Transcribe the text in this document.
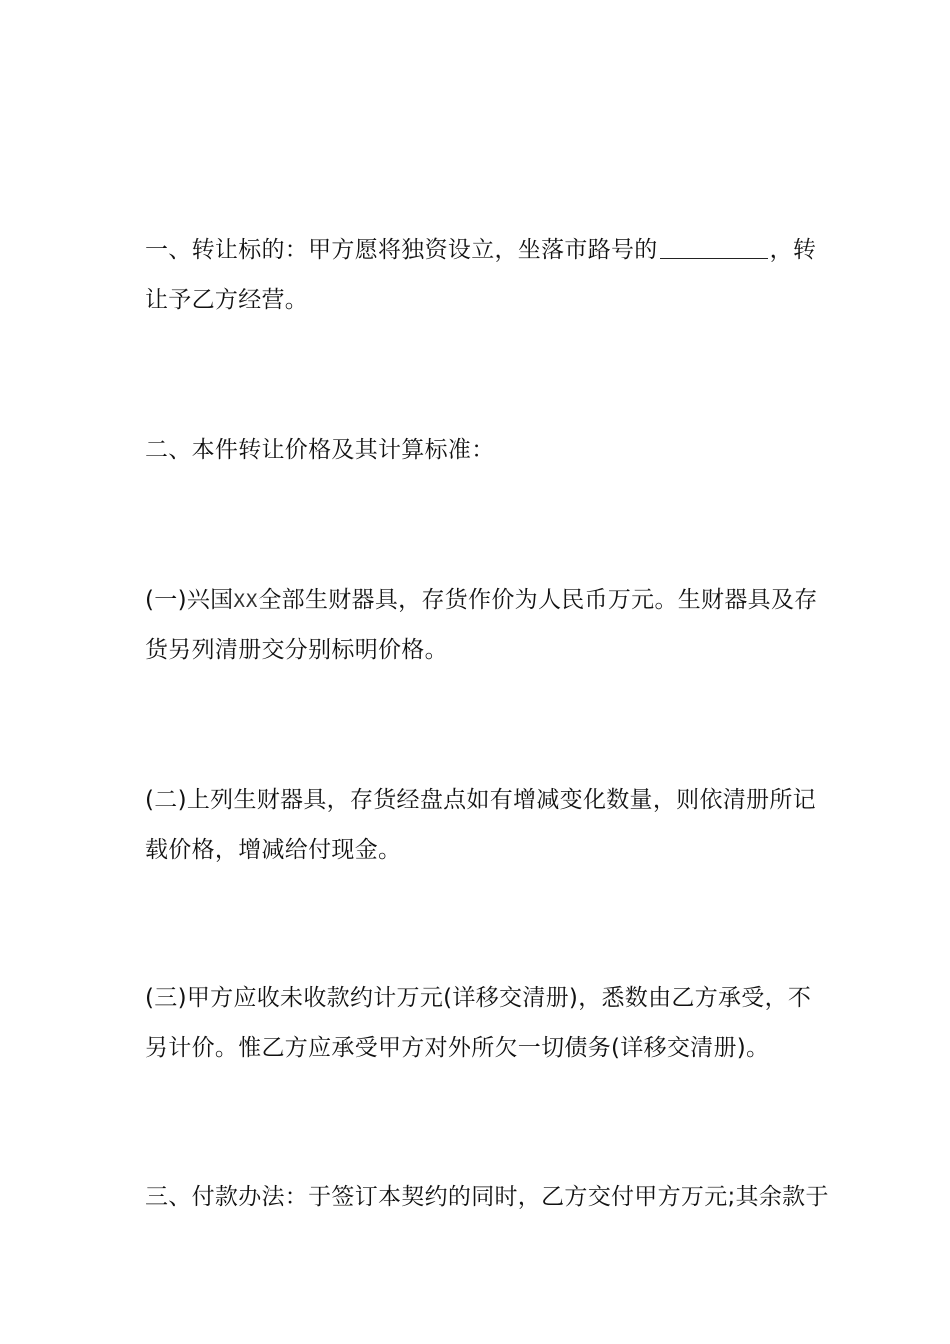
一、转让标的：甲方愿将独资设立，坐落市路号的	，转
让予乙方经营。

二、本件转让价格及其计算标准：

(一)兴国XX全部生财器具，存货作价为人民币万元。生财器具及存
货另列清册交分别标明价格。

(二)上列生财器具，存货经盘点如有增减变化数量，则依清册所记
载价格，增减给付现金。

(三)甲方应收未收款约计万元(详移交清册)，悉数由乙方承受，不
另计价。惟乙方应承受甲方对外所欠一切债务(详移交清册)。

三、付款办法：于签订本契约的同时，乙方交付甲方万元;其余款于
